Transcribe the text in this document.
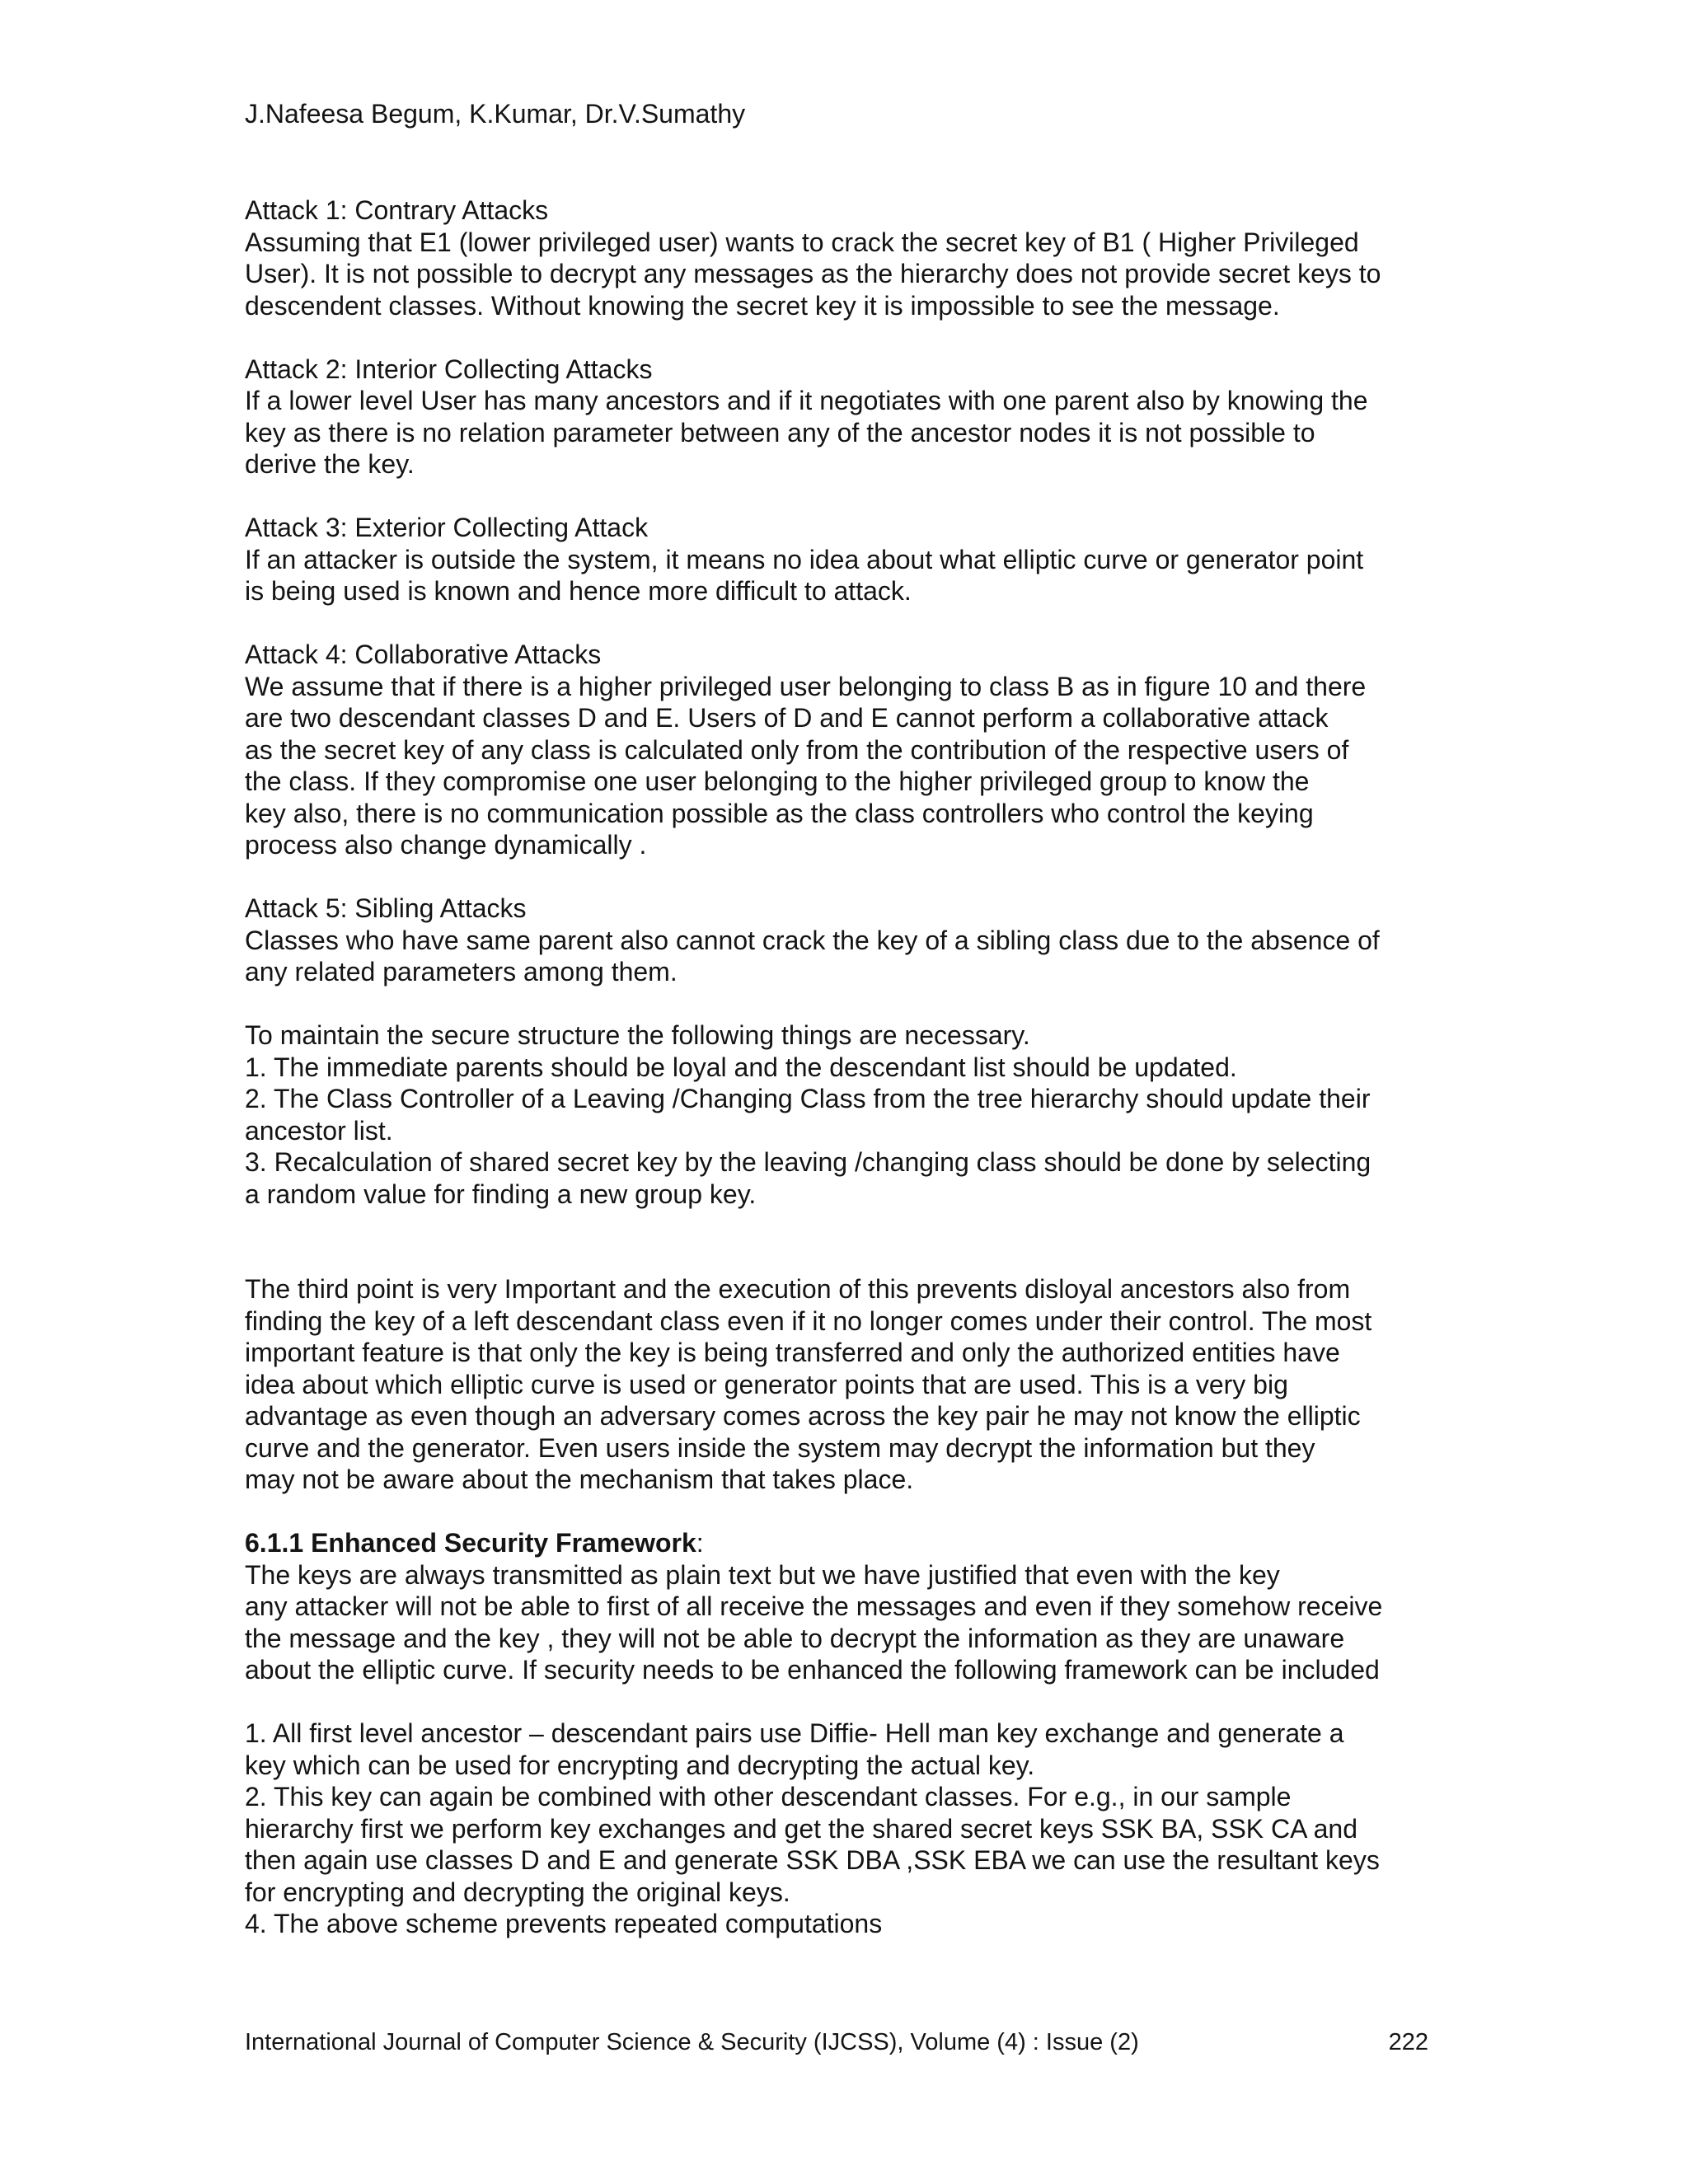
J.Nafeesa Begum, K.Kumar, Dr.V.Sumathy

Attack 1: Contrary Attacks

Assuming that E1 (lower privileged user) wants to crack the secret key of B1 ( Higher Privileged

User). It is not possible to decrypt any messages as the hierarchy does not provide secret keys to

descendent classes. Without knowing the secret key it is impossible to see the message.

Attack 2: Interior Collecting Attacks

If a lower level User has many ancestors and if it negotiates with one parent also by knowing the

key as there is no relation parameter between any of the ancestor nodes it is not possible to

derive the key.

Attack 3: Exterior Collecting Attack

If an attacker is outside the system, it means no idea about what elliptic curve or generator point

is being used is known and hence more difficult to attack.

Attack 4: Collaborative Attacks

We assume that if there is a higher privileged user belonging to class B as in figure 10 and there

are two descendant classes D and E. Users of D and E cannot perform a collaborative attack

as the secret key of any class is calculated only from the contribution of the respective users of

the class. If they compromise one user belonging to the higher privileged group to know the

key also, there is no communication possible as the class controllers who control the keying

process also change dynamically .

Attack 5: Sibling Attacks

Classes who have same parent also cannot crack the key of a sibling class due to the absence of

any related parameters among them.

To maintain the secure structure the following things are necessary.

1. The immediate parents should be loyal and the descendant list should be updated.

2. The Class Controller of a Leaving /Changing Class from the tree hierarchy should update their

ancestor list.

3. Recalculation of shared secret key by the leaving /changing class should be done by selecting

a random value for finding a new group key.

The third point is very Important and the execution of this prevents disloyal ancestors also from

finding the key of a left descendant class even if it no longer comes under their control. The most

important feature is that only the key is being transferred and only the authorized entities have

idea about which elliptic curve is used or generator points that are used. This is a very big

advantage as even though an adversary comes across the key pair he may not know the elliptic

curve and the generator. Even users inside the system may decrypt the information but they

may not be aware about the mechanism that takes place.

6.1.1 Enhanced Security Framework:

The keys are always transmitted as plain text but we have justified that even with the key

any attacker will not be able to first of all receive the messages and even if they somehow receive

the message and the key , they will not be able to decrypt the information as they are unaware

about the elliptic curve. If security needs to be enhanced the following framework can be included

1. All first level ancestor – descendant pairs use Diffie- Hell man key exchange and generate a

key which can be used for encrypting and decrypting the actual key.

2. This key can again be combined with other descendant classes. For e.g., in our sample

hierarchy first we perform key exchanges and get the shared secret keys SSK BA, SSK CA and

then again use classes D and E and generate SSK DBA ,SSK EBA we can use the resultant keys

for encrypting and decrypting the original keys.

4. The above scheme prevents repeated computations

International Journal of Computer Science & Security (IJCSS), Volume (4) : Issue (2)	222
